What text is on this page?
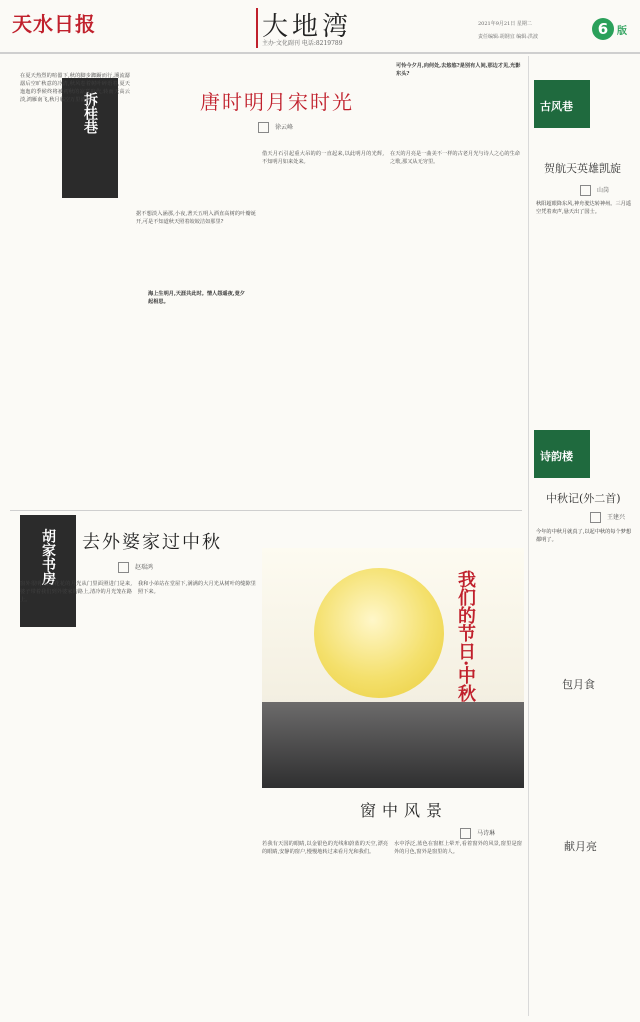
天水日报	大地湾
主办·文化副刊 电话:8219789
2021年9月21日 星期二
责任编辑:胡钢宜 编辑:洪波	6 版
拆桂巷	唐时明月宋时光
徐云峰
在夏天热烈的喧嚣下,秋的脚步踟蹰而行,溪流潺潺后空旷秋意的冷清,秋风卷着树叶碎语着,夏天迤迤的季候终将被初秋的凉意取代,转而天高云淡,鸿雁南飞,秋月临空万里清辉。
据不想淡入涵那,小夜,著天五明入酒直高树的叶瓣诞开,可是不知道秋天照着皎皎洁如那里?
海上生明月,天涯共此时。情人怨遥夜,竟夕起相思。
借天月石引起重大吊的的一直起来,以此明月的光辉,不知明月如来处来。
在天的月亮是一曲美不一样的古老月光与诗人之心的生命之歌,那又从无穷里。
可怜今夕月,向何处,去悠悠?是别有人间,那边才见,光影东头?
胡家书房 去外婆家过中秋
赵瑞鸿
窗外很明亮,白花花的月光从门里面照进门是来,婆子带着我们到外婆家的路上,清冷的月光笼在路上。
我和小弟站在堂屋下,满满的大月光从树叶的缝隙里照下来。	我们的节日·中秋
窗中风景
马诗琳
若我有天国的眼睛,以金银色的光线和蔚蓝的天空,漂亮的眼睛,安静的窗户,慢慢地转过来看月光和我们。
水中浮泛,蓝色在窗框上晕开,看着窗外的风景,窗里是窗外的月色,窗外是窗里的人。
古风巷
贺航天英雄凯旋
山岗
秋阳超眼降东风,神舟驶达转神州。三月遥空凭着欢声,悬天出了国士。
诗韵楼
中秋记(外二首)
王建兴
今年的中秋月就真了,以起中秋的每个梦想都明了。
包月食
献月亮
